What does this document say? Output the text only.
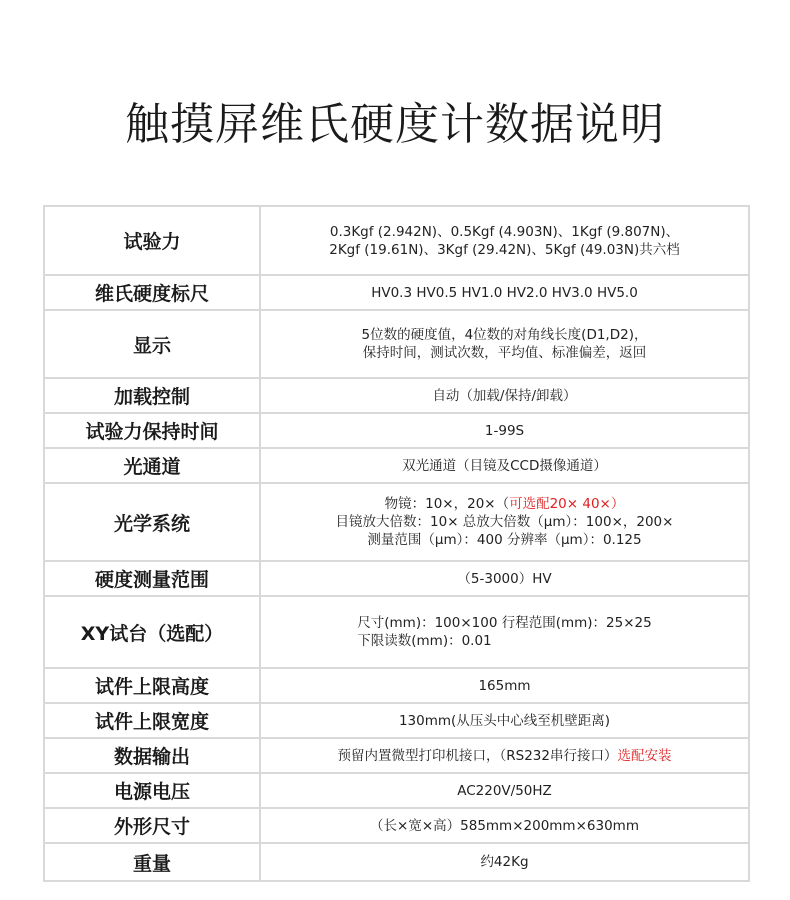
触摸屏维氏硬度计数据说明
试验力	0.3Kgf (2.942N)、0.5Kgf (4.903N)、1Kgf (9.807N)、
2Kgf (19.61N)、3Kgf (29.42N)、5Kgf (49.03N)共六档

维氏硬度标尺	HV0.3 HV0.5 HV1.0 HV2.0 HV3.0 HV5.0

显示	5位数的硬度值，4位数的对角线长度(D1,D2)，
保持时间，测试次数，平均值、标准偏差，返回

加载控制	自动（加载/保持/卸载）

试验力保持时间	1-99S

光通道	双光通道（目镜及CCD摄像通道）

光学系统	物镜：10×，20×（可选配20× 40×）
目镜放大倍数：10× 总放大倍数（μm）：100×，200×
测量范围（μm）：400 分辨率（μm）：0.125

硬度测量范围	（5-3000）HV

XY试台（选配）	尺寸(mm)：100×100 行程范围(mm)：25×25
下限读数(mm)：0.01

试件上限高度	165mm

试件上限宽度	130mm(从压头中心线至机壁距离)

数据输出	预留内置微型打印机接口，（RS232串行接口）选配安装

电源电压	AC220V/50HZ

外形尺寸	（长×宽×高）585mm×200mm×630mm

重量	约42Kg
